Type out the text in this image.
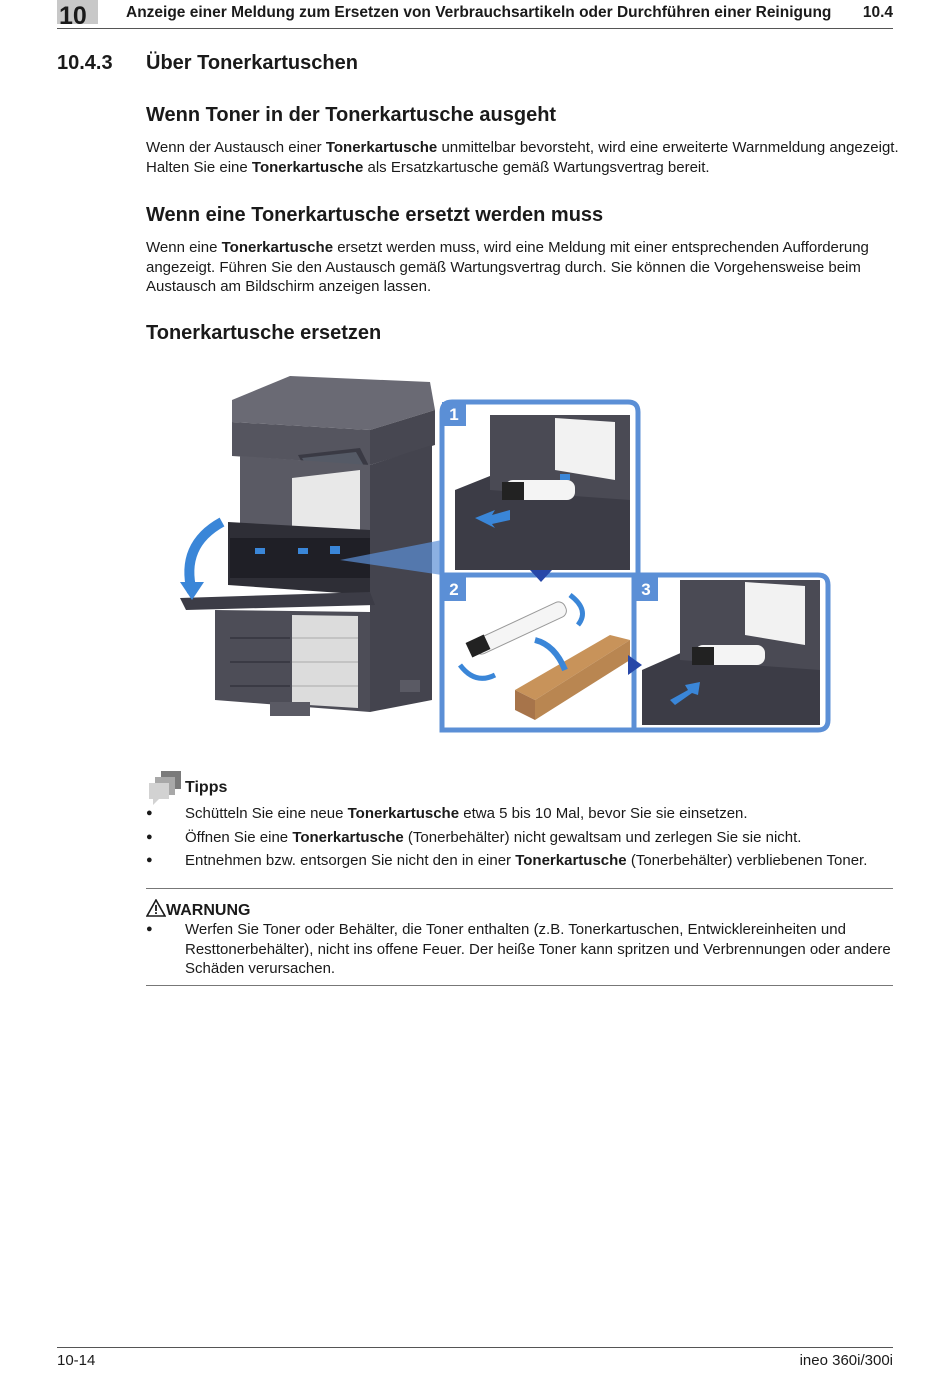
10	Anzeige einer Meldung zum Ersetzen von Verbrauchsartikeln oder Durchführen einer Reinigung 10.4
10.4.3 Über Tonerkartuschen
Wenn Toner in der Tonerkartusche ausgeht
Wenn der Austausch einer Tonerkartusche unmittelbar bevorsteht, wird eine erweiterte Warnmeldung angezeigt. Halten Sie eine Tonerkartusche als Ersatzkartusche gemäß Wartungsvertrag bereit.
Wenn eine Tonerkartusche ersetzt werden muss
Wenn eine Tonerkartusche ersetzt werden muss, wird eine Meldung mit einer entsprechenden Aufforderung angezeigt. Führen Sie den Austausch gemäß Wartungsvertrag durch. Sie können die Vorgehensweise beim Austausch am Bildschirm anzeigen lassen.
Tonerkartusche ersetzen
1
2	3
Tipps
● Schütteln Sie eine neue Tonerkartusche etwa 5 bis 10 Mal, bevor Sie sie einsetzen.
● Öffnen Sie eine Tonerkartusche (Tonerbehälter) nicht gewaltsam und zerlegen Sie sie nicht.
● Entnehmen bzw. entsorgen Sie nicht den in einer Tonerkartusche (Tonerbehälter) verbliebenen Toner.
WARNUNG
● Werfen Sie Toner oder Behälter, die Toner enthalten (z.B. Tonerkartuschen, Entwicklereinheiten und Resttonerbehälter), nicht ins offene Feuer. Der heiße Toner kann spritzen und Verbrennungen oder andere Schäden verursachen.
10-14	ineo 360i/300i
